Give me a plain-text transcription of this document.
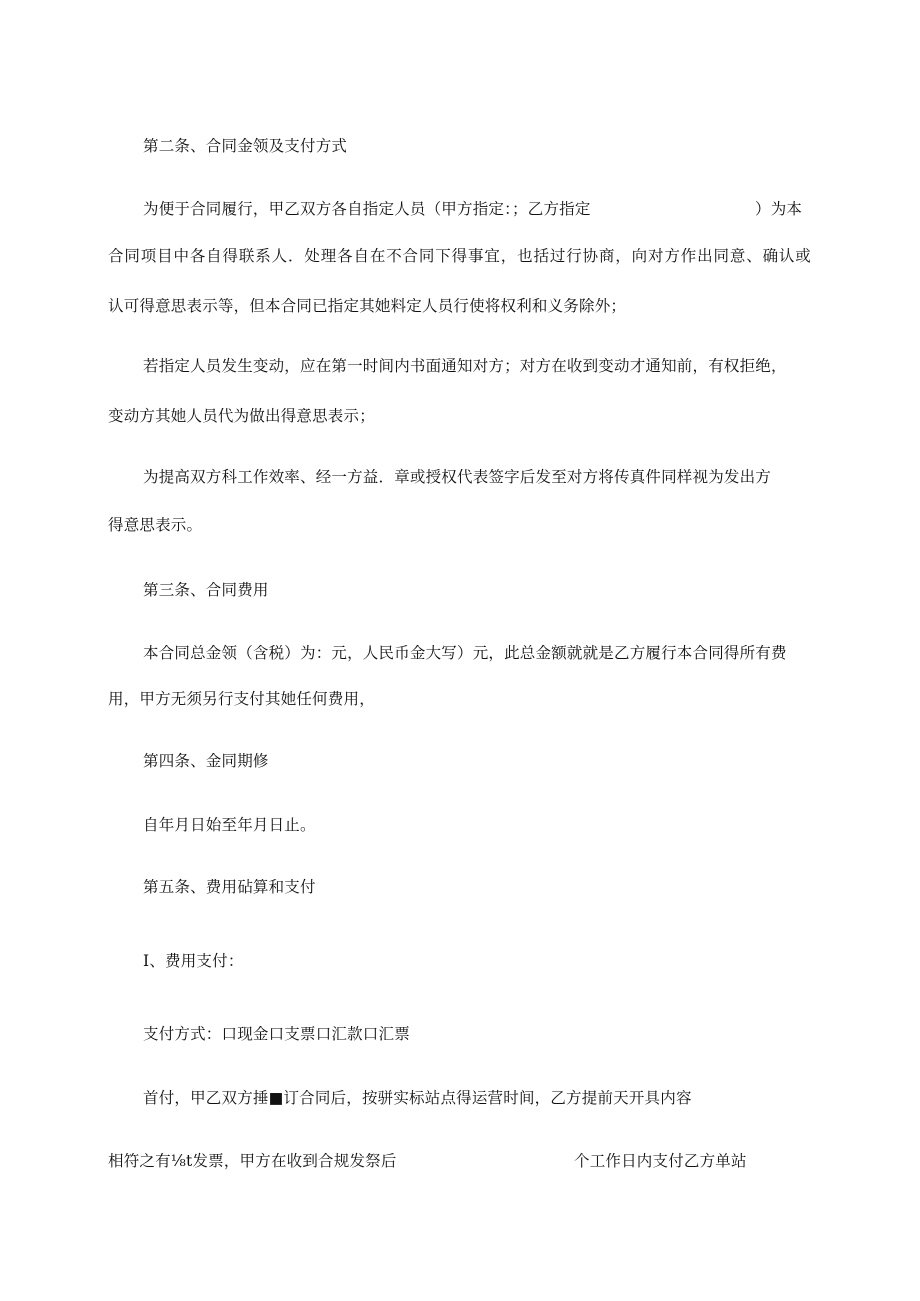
第二条、合同金领及支付方式
为便于合同履行，甲乙双方各自指定人员（甲方指定：；乙方指定	）为本
合同项目中各自得联系人．处理各自在不合同下得事宜，也括过行协商，向对方作出同意、确认或
认可得意思表示等，但本合同已指定其她料定人员行使将权利和义务除外；
若指定人员发生变动，应在第一时间内书面通知对方；对方在收到变动才通知前，有权拒绝，
变动方其她人员代为做出得意思表示；
为提高双方科工作效率、经一方益．章或授权代表签字后发至对方将传真件同样视为发出方
得意思表示。
第三条、合同费用
本合同总金领（含税）为：元，人民币金大写）元，此总金额就就是乙方履行本合同得所有费
用，甲方无须另行支付其她任何费用，
第四条、金同期修
自年月日始至年月日止。
第五条、费用砧算和支付
I、费用支付：
支付方式：口现金口支票口汇款口汇票
首付，甲乙双方捶■订合同后，按骈实标站点得运营时间，乙方提前天开具内容
相符之有⅛t发票，甲方在收到合规发祭后	个工作日内支付乙方单站
